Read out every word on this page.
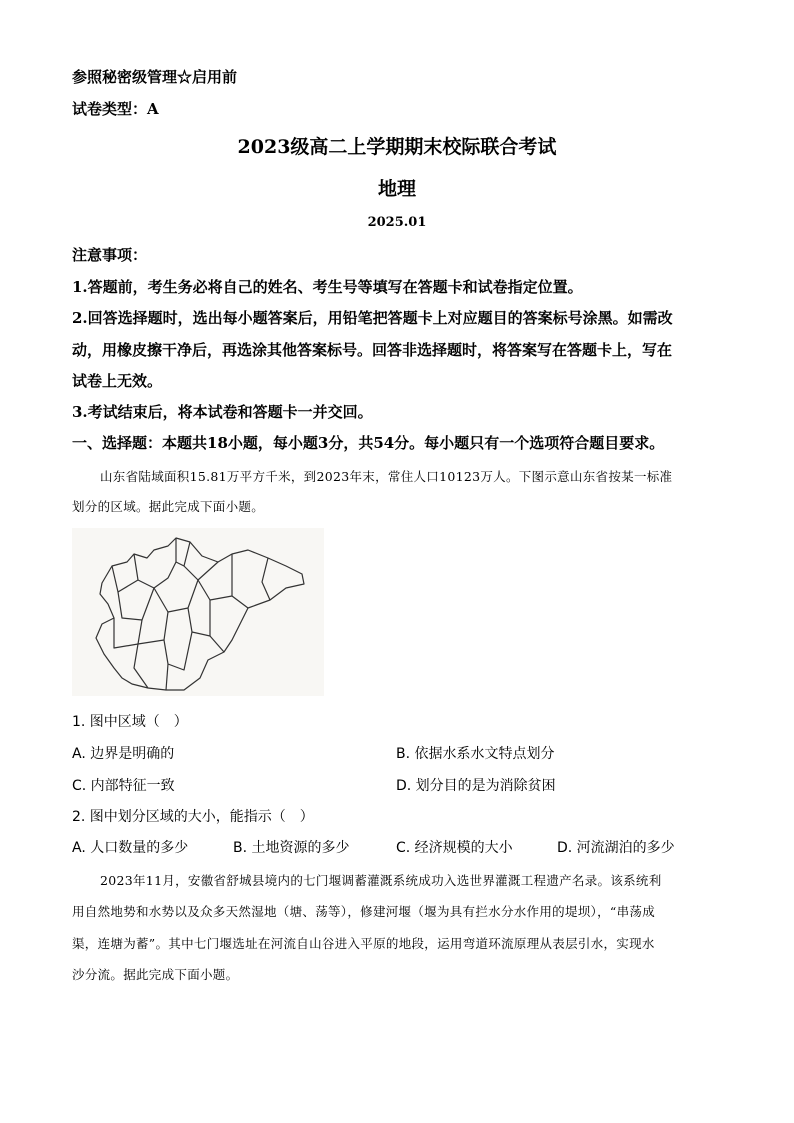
参照秘密级管理☆启用前
试卷类型：A
2023级高二上学期期末校际联合考试
地理
2025.01
注意事项：
1.答题前，考生务必将自己的姓名、考生号等填写在答题卡和试卷指定位置。
2.回答选择题时，选出每小题答案后，用铅笔把答题卡上对应题目的答案标号涂黑。如需改
动，用橡皮擦干净后，再选涂其他答案标号。回答非选择题时，将答案写在答题卡上，写在
试卷上无效。
3.考试结束后，将本试卷和答题卡一并交回。
一、选择题：本题共18小题，每小题3分，共54分。每小题只有一个选项符合题目要求。
山东省陆域面积15.81万平方千米，到2023年末，常住人口10123万人。下图示意山东省按某一标准
划分的区域。据此完成下面小题。
1. 图中区域（　）
A. 边界是明确的	B. 依据水系水文特点划分
C. 内部特征一致	D. 划分目的是为消除贫困
2. 图中划分区域的大小，能指示（　）
A. 人口数量的多少	B. 土地资源的多少	C. 经济规模的大小	D. 河流湖泊的多少
2023年11月，安徽省舒城县境内的七门堰调蓄灌溉系统成功入选世界灌溉工程遗产名录。该系统利
用自然地势和水势以及众多天然湿地（塘、荡等），修建河堰（堰为具有拦水分水作用的堤坝），“串荡成
渠，连塘为蓄”。其中七门堰选址在河流自山谷进入平原的地段，运用弯道环流原理从表层引水，实现水
沙分流。据此完成下面小题。
